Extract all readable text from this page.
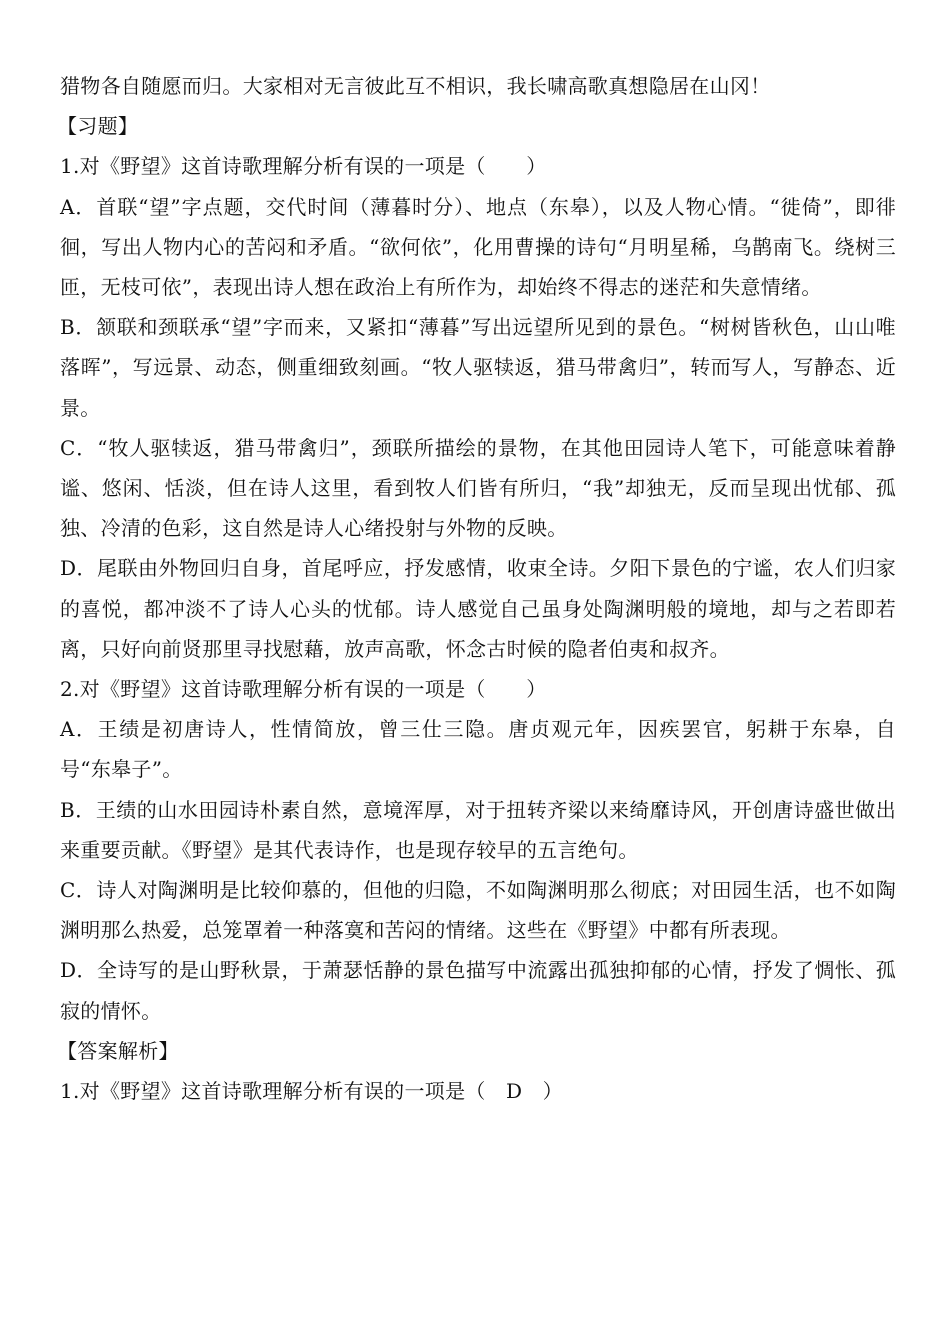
猎物各自随愿而归。大家相对无言彼此互不相识，我长啸高歌真想隐居在山冈！

【习题】

1.对《野望》这首诗歌理解分析有误的一项是（　　）

A．首联“望”字点题，交代时间（薄暮时分）、地点（东皋），以及人物心情。“徙倚”，即徘徊，写出人物内心的苦闷和矛盾。“欲何依”，化用曹操的诗句“月明星稀，乌鹊南飞。绕树三匝，无枝可依”，表现出诗人想在政治上有所作为，却始终不得志的迷茫和失意情绪。

B．颔联和颈联承“望”字而来，又紧扣“薄暮”写出远望所见到的景色。“树树皆秋色，山山唯落晖”，写远景、动态，侧重细致刻画。“牧人驱犊返，猎马带禽归”，转而写人，写静态、近景。

C．“牧人驱犊返，猎马带禽归”，颈联所描绘的景物，在其他田园诗人笔下，可能意味着静谧、悠闲、恬淡，但在诗人这里，看到牧人们皆有所归，“我”却独无，反而呈现出忧郁、孤独、冷清的色彩，这自然是诗人心绪投射与外物的反映。

D．尾联由外物回归自身，首尾呼应，抒发感情，收束全诗。夕阳下景色的宁谧，农人们归家的喜悦，都冲淡不了诗人心头的忧郁。诗人感觉自己虽身处陶渊明般的境地，却与之若即若离，只好向前贤那里寻找慰藉，放声高歌，怀念古时候的隐者伯夷和叔齐。

2.对《野望》这首诗歌理解分析有误的一项是（　　）

A．王绩是初唐诗人，性情简放，曾三仕三隐。唐贞观元年，因疾罢官，躬耕于东皋，自号“东皋子”。

B．王绩的山水田园诗朴素自然，意境浑厚，对于扭转齐梁以来绮靡诗风，开创唐诗盛世做出来重要贡献。《野望》是其代表诗作，也是现存较早的五言绝句。

C．诗人对陶渊明是比较仰慕的，但他的归隐，不如陶渊明那么彻底；对田园生活，也不如陶渊明那么热爱，总笼罩着一种落寞和苦闷的情绪。这些在《野望》中都有所表现。

D．全诗写的是山野秋景，于萧瑟恬静的景色描写中流露出孤独抑郁的心情，抒发了惆怅、孤寂的情怀。

【答案解析】

1.对《野望》这首诗歌理解分析有误的一项是（　D　）
